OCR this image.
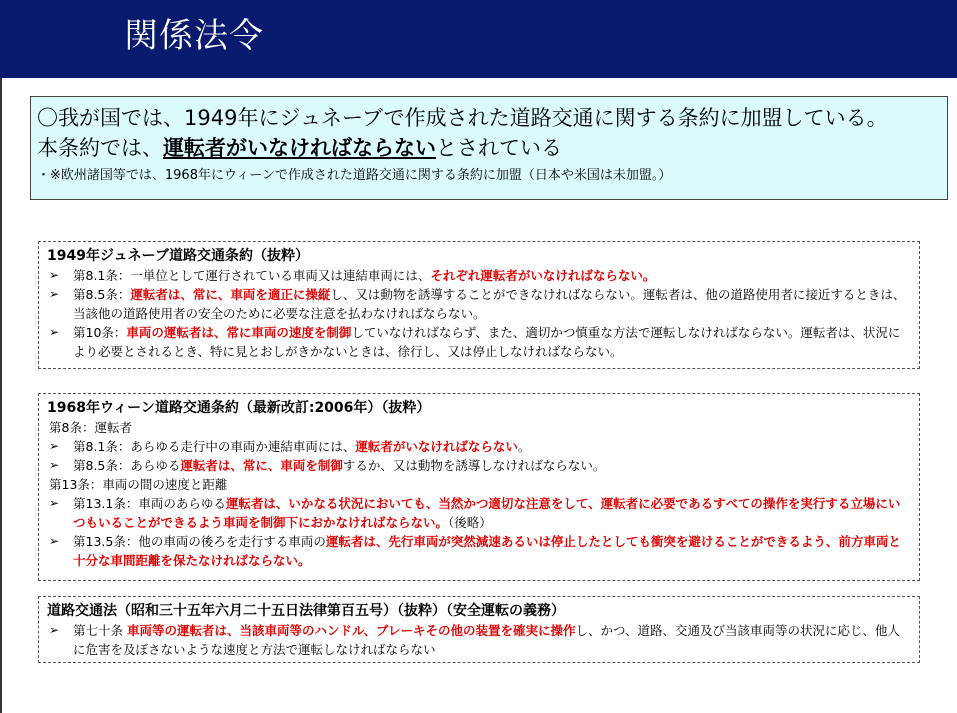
関係法令
〇我が国では、1949年にジュネーブで作成された道路交通に関する条約に加盟している。
本条約では、運転者がいなければならないとされている
・※欧州諸国等では、1968年にウィーンで作成された道路交通に関する条約に加盟（日本や米国は未加盟。）
1949年ジュネーブ道路交通条約（抜粋）
➢ 第8.1条：一単位として運行されている車両又は連結車両には、それぞれ運転者がいなければならない。
➢ 第8.5条：運転者は、常に、車両を適正に操縦し、又は動物を誘導することができなければならない。運転者は、他の道路使用者に接近するときは、当該他の道路使用者の安全のために必要な注意を払わなければならない。
➢ 第10条：車両の運転者は、常に車両の速度を制御していなければならず、また、適切かつ慎重な方法で運転しなければならない。運転者は、状況により必要とされるとき、特に見とおしがきかないときは、徐行し、又は停止しなければならない。
1968年ウィーン道路交通条約（最新改訂:2006年）（抜粋）
第8条：運転者
➢ 第8.1条：あらゆる走行中の車両か連結車両には、運転者がいなければならない。
➢ 第8.5条：あらゆる運転者は、常に、車両を制御するか、又は動物を誘導しなければならない。
第13条：車両の間の速度と距離
➢ 第13.1条：車両のあらゆる運転者は、いかなる状況においても、当然かつ適切な注意をして、運転者に必要であるすべての操作を実行する立場にいつもいることができるよう車両を制御下におかなければならない。（後略）
➢ 第13.5条：他の車両の後ろを走行する車両の運転者は、先行車両が突然減速あるいは停止したとしても衝突を避けることができるよう、前方車両と十分な車間距離を保たなければならない。
道路交通法（昭和三十五年六月二十五日法律第百五号）（抜粋）（安全運転の義務）
➢ 第七十条 車両等の運転者は、当該車両等のハンドル、ブレーキその他の装置を確実に操作し、かつ、道路、交通及び当該車両等の状況に応じ、他人に危害を及ぼさないような速度と方法で運転しなければならない
